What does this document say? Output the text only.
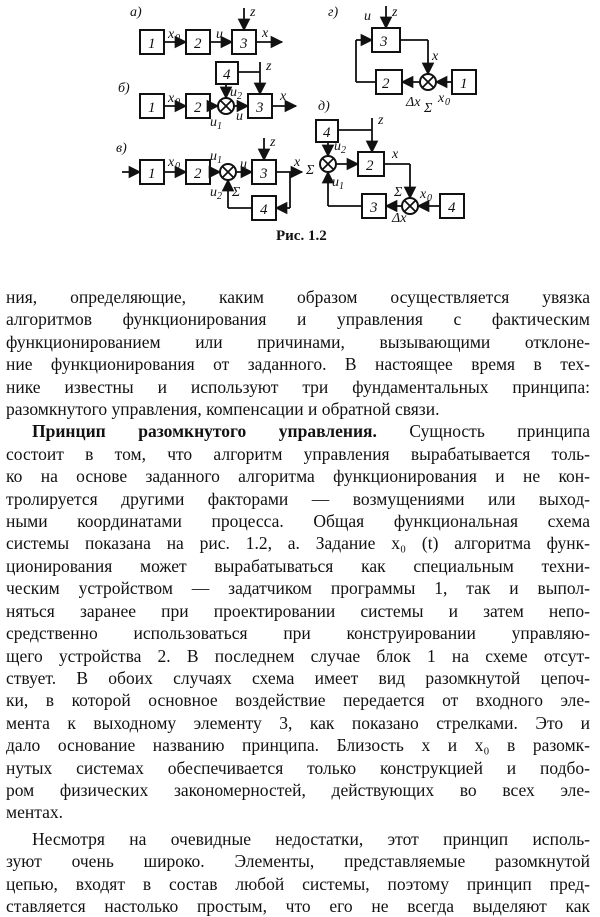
а)
1	2	3
x 0	u
z
x
б)
1	2	3
4
x 0
u 2
u 1
u
z
x
в)
1	2	3
4
x 0
u 1
u 2 Σ
u
z
x
г)
3
2	1
u z
x
x 0
Δx Σ
д)
4
2
3	4
u 2
u 1
Σ
z
x
Σ x 0
Δx
Рис. 1.2

ния, определяющие, каким образом осуществляется увязка
алгоритмов функционирования и управления с фактическим
функционированием или причинами, вызывающими отклоне-
ние функционирования от заданного. В настоящее время в тех-
нике известны и используют три фундаментальных принципа:
разомкнутого управления, компенсации и обратной связи.

Принцип разомкнутого управления. Сущность принципа
состоит в том, что алгоритм управления вырабатывается толь-
ко на основе заданного алгоритма функционирования и не кон-
тролируется другими факторами — возмущениями или выход-
ными координатами процесса. Общая функциональная схема
системы показана на рис. 1.2, а. Задание x₀ (t) алгоритма функ-
ционирования может вырабатываться как специальным техни-
ческим устройством — задатчиком программы 1, так и выпол-
няться заранее при проектировании системы и затем непо-
средственно использоваться при конструировании управляю-
щего устройства 2. В последнем случае блок 1 на схеме отсут-
ствует. В обоих случаях схема имеет вид разомкнутой цепоч-
ки, в которой основное воздействие передается от входного эле-
мента к выходному элементу 3, как показано стрелками. Это и
дало основание названию принципа. Близость x и x₀ в разомк-
нутых системах обеспечивается только конструкцией и подбо-
ром физических закономерностей, действующих во всех эле-
ментах.

Несмотря на очевидные недостатки, этот принцип исполь-
зуют очень широко. Элементы, представляемые разомкнутой
цепью, входят в состав любой системы, поэтому принцип пред-
ставляется настолько простым, что его не всегда выделяют как
